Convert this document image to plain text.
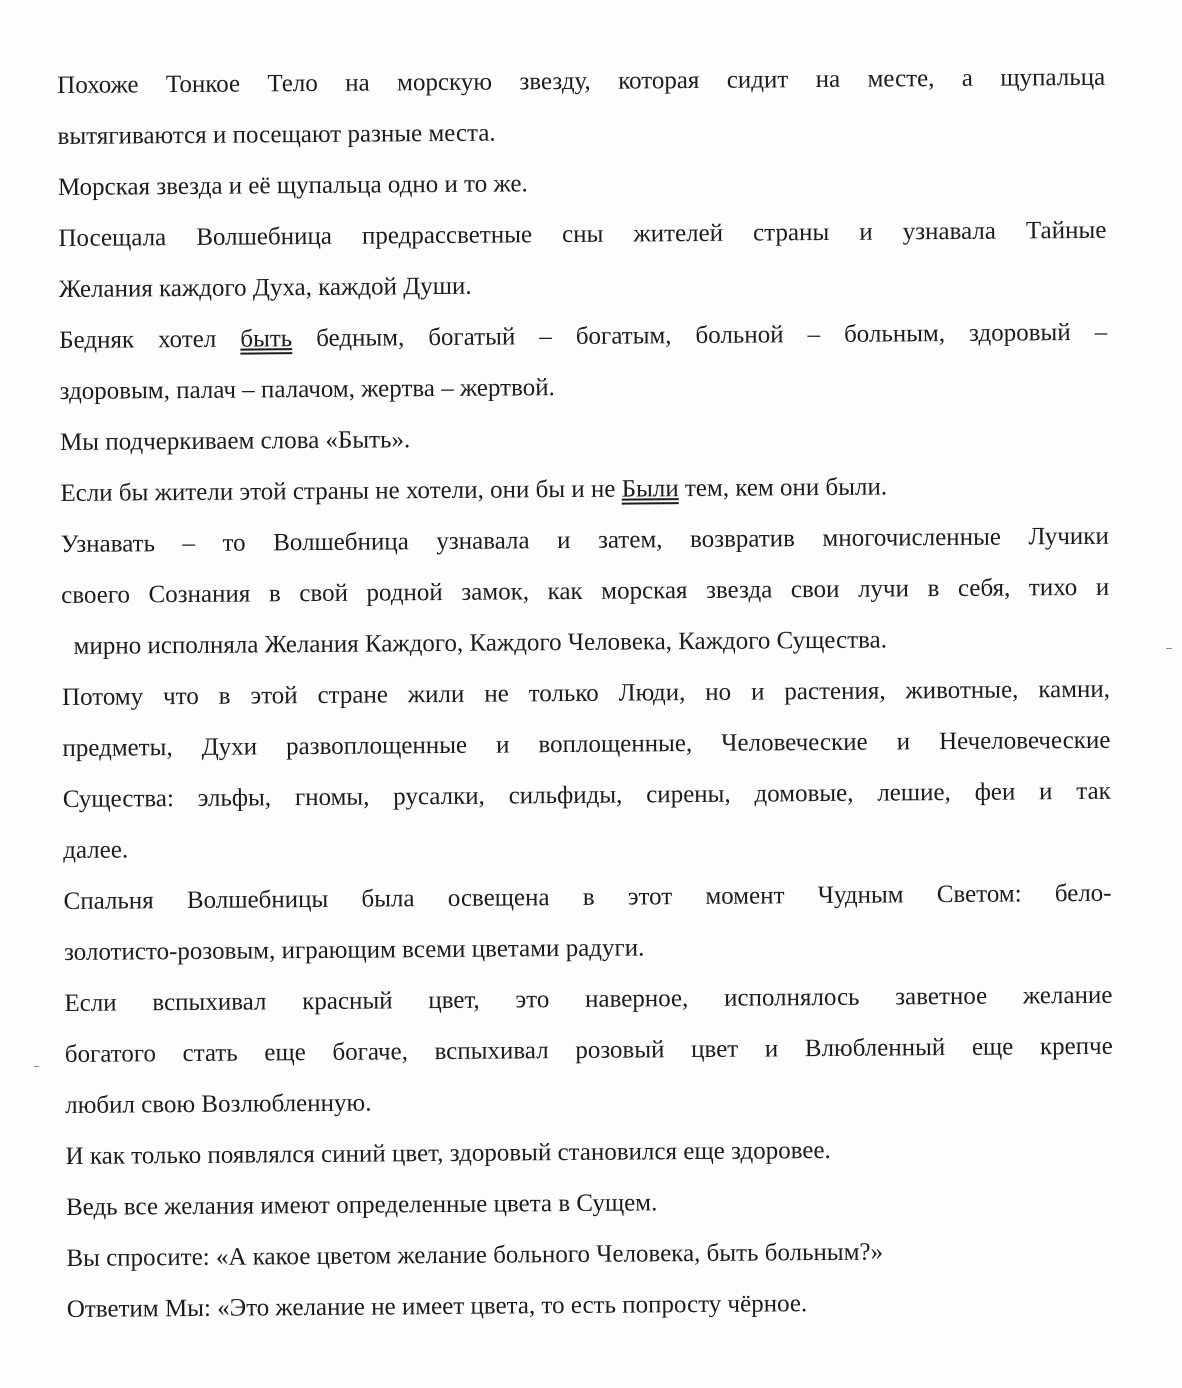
Похоже Тонкое Тело на морскую звезду, которая сидит на месте, а щупальца
вытягиваются и посещают разные места.
Морская звезда и её щупальца одно и то же.
Посещала Волшебница предрассветные сны жителей страны и узнавала Тайные
Желания каждого Духа, каждой Души.
Бедняк хотел быть бедным, богатый – богатым, больной – больным, здоровый –
здоровым, палач – палачом, жертва – жертвой.
Мы подчеркиваем слова «Быть».
Если бы жители этой страны не хотели, они бы и не Были тем, кем они были.
Узнавать – то Волшебница узнавала и затем, возвратив многочисленные Лучики
своего Сознания в свой родной замок, как морская звезда свои лучи в себя, тихо и
мирно исполняла Желания Каждого, Каждого Человека, Каждого Существа.
Потому что в этой стране жили не только Люди, но и растения, животные, камни,
предметы, Духи развоплощенные и воплощенные, Человеческие и Нечеловеческие
Существа: эльфы, гномы, русалки, сильфиды, сирены, домовые, лешие, феи и так
далее.
Спальня Волшебницы была освещена в этот момент Чудным Светом: бело-
золотисто-розовым, играющим всеми цветами радуги.
Если вспыхивал красный цвет, это наверное, исполнялось заветное желание
богатого стать еще богаче, вспыхивал розовый цвет и Влюбленный еще крепче
любил свою Возлюбленную.
И как только появлялся синий цвет, здоровый становился еще здоровее.
Ведь все желания имеют определенные цвета в Сущем.
Вы спросите: «А какое цветом желание больного Человека, быть больным?»
Ответим Мы: «Это желание не имеет цвета, то есть попросту чёрное.
